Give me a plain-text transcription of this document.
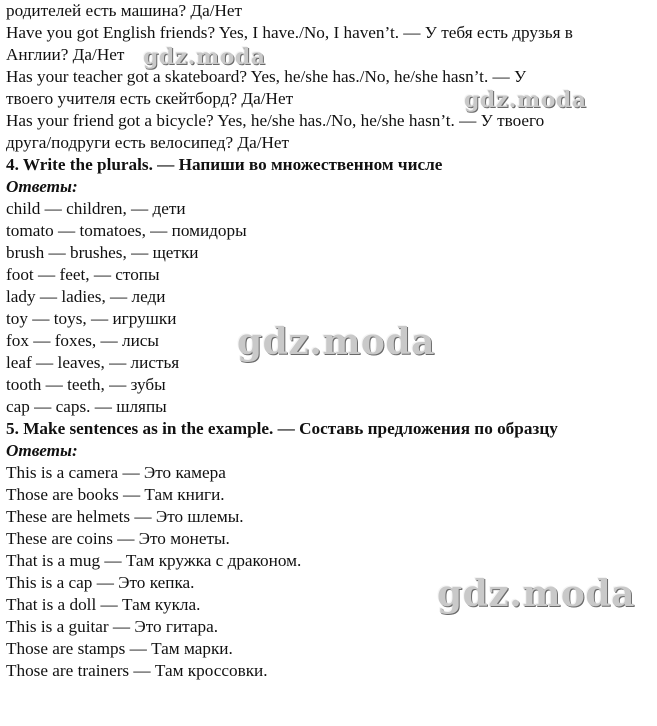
родителей есть машина? Да/Нет
Have you got English friends? Yes, I have./No, I haven’t. — У тебя есть друзья в
Англии? Да/Нет
Has your teacher got a skateboard? Yes, he/she has./No, he/she hasn’t. — У
твоего учителя есть скейтборд? Да/Нет
Has your friend got a bicycle? Yes, he/she has./No, he/she hasn’t. — У твоего
друга/подруги есть велосипед? Да/Нет
4. Write the plurals. — Напиши во множественном числе
Ответы:
child — children, — дети
tomato — tomatoes, — помидоры
brush — brushes, — щетки
foot — feet, — стопы
lady — ladies, — леди
toy — toys, — игрушки
fox — foxes, — лисы
leaf — leaves, — листья
tooth — teeth, — зубы
cap — caps. — шляпы
5. Make sentences as in the example. — Составь предложения по образцу
Ответы:
This is a camera — Это камера
Those are books — Там книги.
These are helmets — Это шлемы.
These are coins — Это монеты.
That is a mug — Там кружка с драконом.
This is a cap — Это кепка.
That is a doll — Там кукла.
This is a guitar — Это гитара.
Those are stamps — Там марки.
Those are trainers — Там кроссовки.
gdz.moda
gdz.moda
gdz.moda
gdz.moda
